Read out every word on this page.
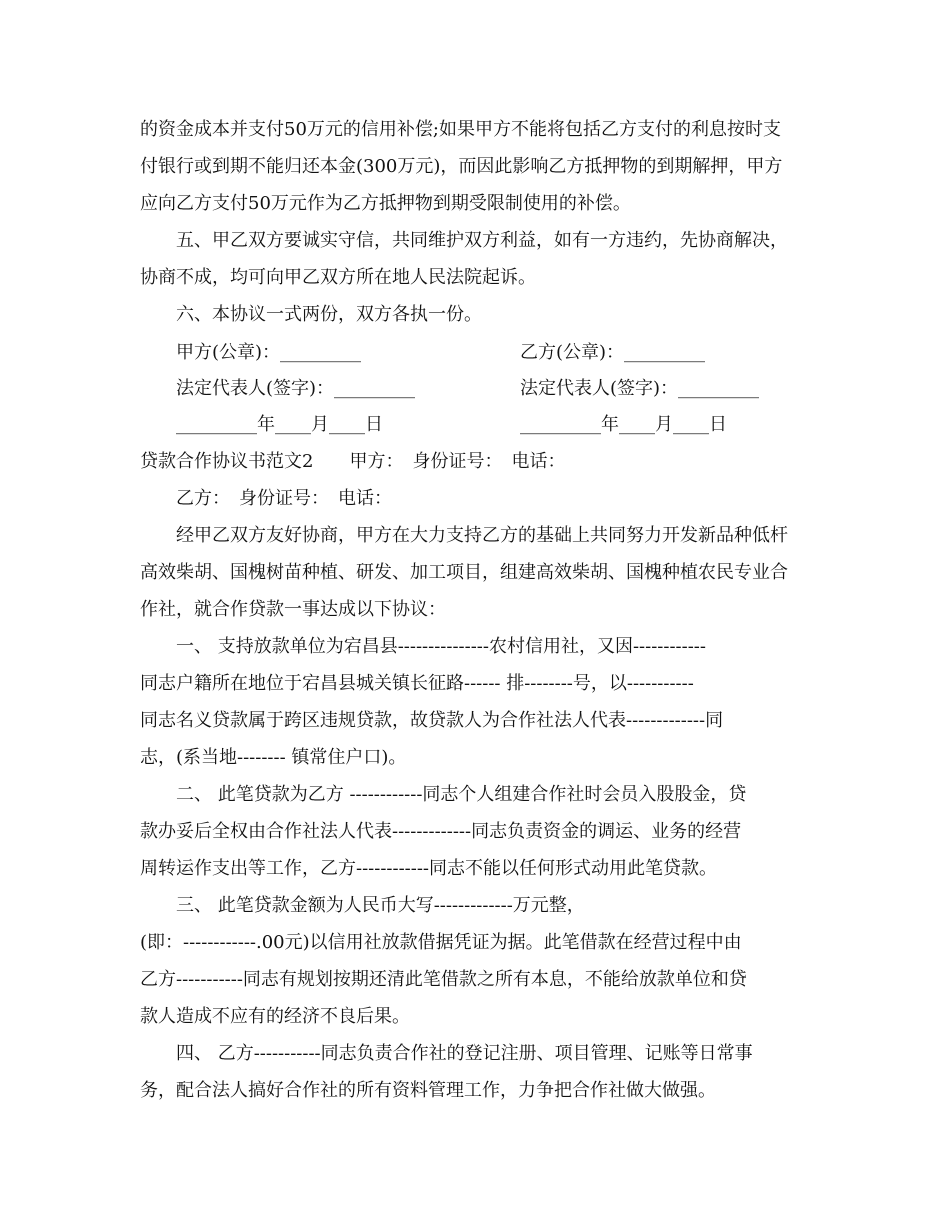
的资金成本并支付50万元的信用补偿;如果甲方不能将包括乙方支付的利息按时支
付银行或到期不能归还本金(300万元)，而因此影响乙方抵押物的到期解押，甲方
应向乙方支付50万元作为乙方抵押物到期受限制使用的补偿。
五、甲乙双方要诚实守信，共同维护双方利益，如有一方违约，先协商解决，
协商不成，均可向甲乙双方所在地人民法院起诉。
六、本协议一式两份，双方各执一份。
甲方(公章)：_________	乙方(公章)：_________
法定代表人(签字)：_________	法定代表人(签字)：_________
_________年____月____日	_________年____月____日
贷款合作协议书范文2　　甲方：　身份证号：　电话：
乙方：　身份证号：　电话：
经甲乙双方友好协商，甲方在大力支持乙方的基础上共同努力开发新品种低杆
高效柴胡、国槐树苗种植、研发、加工项目，组建高效柴胡、国槐种植农民专业合
作社，就合作贷款一事达成以下协议：
一、 支持放款单位为宕昌县---------------农村信用社，又因------------
同志户籍所在地位于宕昌县城关镇长征路------ 排--------号，以-----------
同志名义贷款属于跨区违规贷款，故贷款人为合作社法人代表-------------同
志，(系当地-------- 镇常住户口)。
二、 此笔贷款为乙方 ------------同志个人组建合作社时会员入股股金，贷
款办妥后全权由合作社法人代表-------------同志负责资金的调运、业务的经营
周转运作支出等工作，乙方------------同志不能以任何形式动用此笔贷款。
三、 此笔贷款金额为人民币大写-------------万元整，
(即：------------.00元)以信用社放款借据凭证为据。此笔借款在经营过程中由
乙方-----------同志有规划按期还清此笔借款之所有本息，不能给放款单位和贷
款人造成不应有的经济不良后果。
四、 乙方-----------同志负责合作社的登记注册、项目管理、记账等日常事
务，配合法人搞好合作社的所有资料管理工作，力争把合作社做大做强。
